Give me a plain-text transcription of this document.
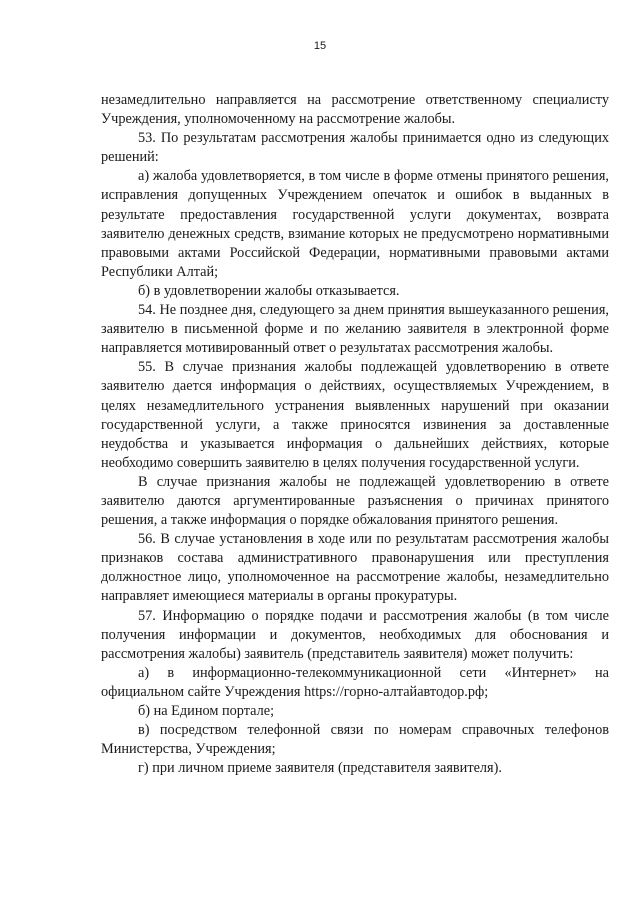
15

незамедлительно направляется на рассмотрение ответственному специалисту Учреждения, уполномоченному на рассмотрение жалобы.

53. По результатам рассмотрения жалобы принимается одно из следующих решений:

а) жалоба удовлетворяется, в том числе в форме отмены принятого решения, исправления допущенных Учреждением опечаток и ошибок в выданных в результате предоставления государственной услуги документах, возврата заявителю денежных средств, взимание которых не предусмотрено нормативными правовыми актами Российской Федерации, нормативными правовыми актами Республики Алтай;

б) в удовлетворении жалобы отказывается.

54. Не позднее дня, следующего за днем принятия вышеуказанного решения, заявителю в письменной форме и по желанию заявителя в электронной форме направляется мотивированный ответ о результатах рассмотрения жалобы.

55. В случае признания жалобы подлежащей удовлетворению в ответе заявителю дается информация о действиях, осуществляемых Учреждением, в целях незамедлительного устранения выявленных нарушений при оказании государственной услуги, а также приносятся извинения за доставленные неудобства и указывается информация о дальнейших действиях, которые необходимо совершить заявителю в целях получения государственной услуги.

В случае признания жалобы не подлежащей удовлетворению в ответе заявителю даются аргументированные разъяснения о причинах принятого решения, а также информация о порядке обжалования принятого решения.

56. В случае установления в ходе или по результатам рассмотрения жалобы признаков состава административного правонарушения или преступления должностное лицо, уполномоченное на рассмотрение жалобы, незамедлительно направляет имеющиеся материалы в органы прокуратуры.

57. Информацию о порядке подачи и рассмотрения жалобы (в том числе получения информации и документов, необходимых для обоснования и рассмотрения жалобы) заявитель (представитель заявителя) может получить:

а) в информационно-телекоммуникационной сети «Интернет» на официальном сайте Учреждения https://горно-алтайавтодор.рф;

б) на Едином портале;

в) посредством телефонной связи по номерам справочных телефонов Министерства, Учреждения;

г) при личном приеме заявителя (представителя заявителя).
